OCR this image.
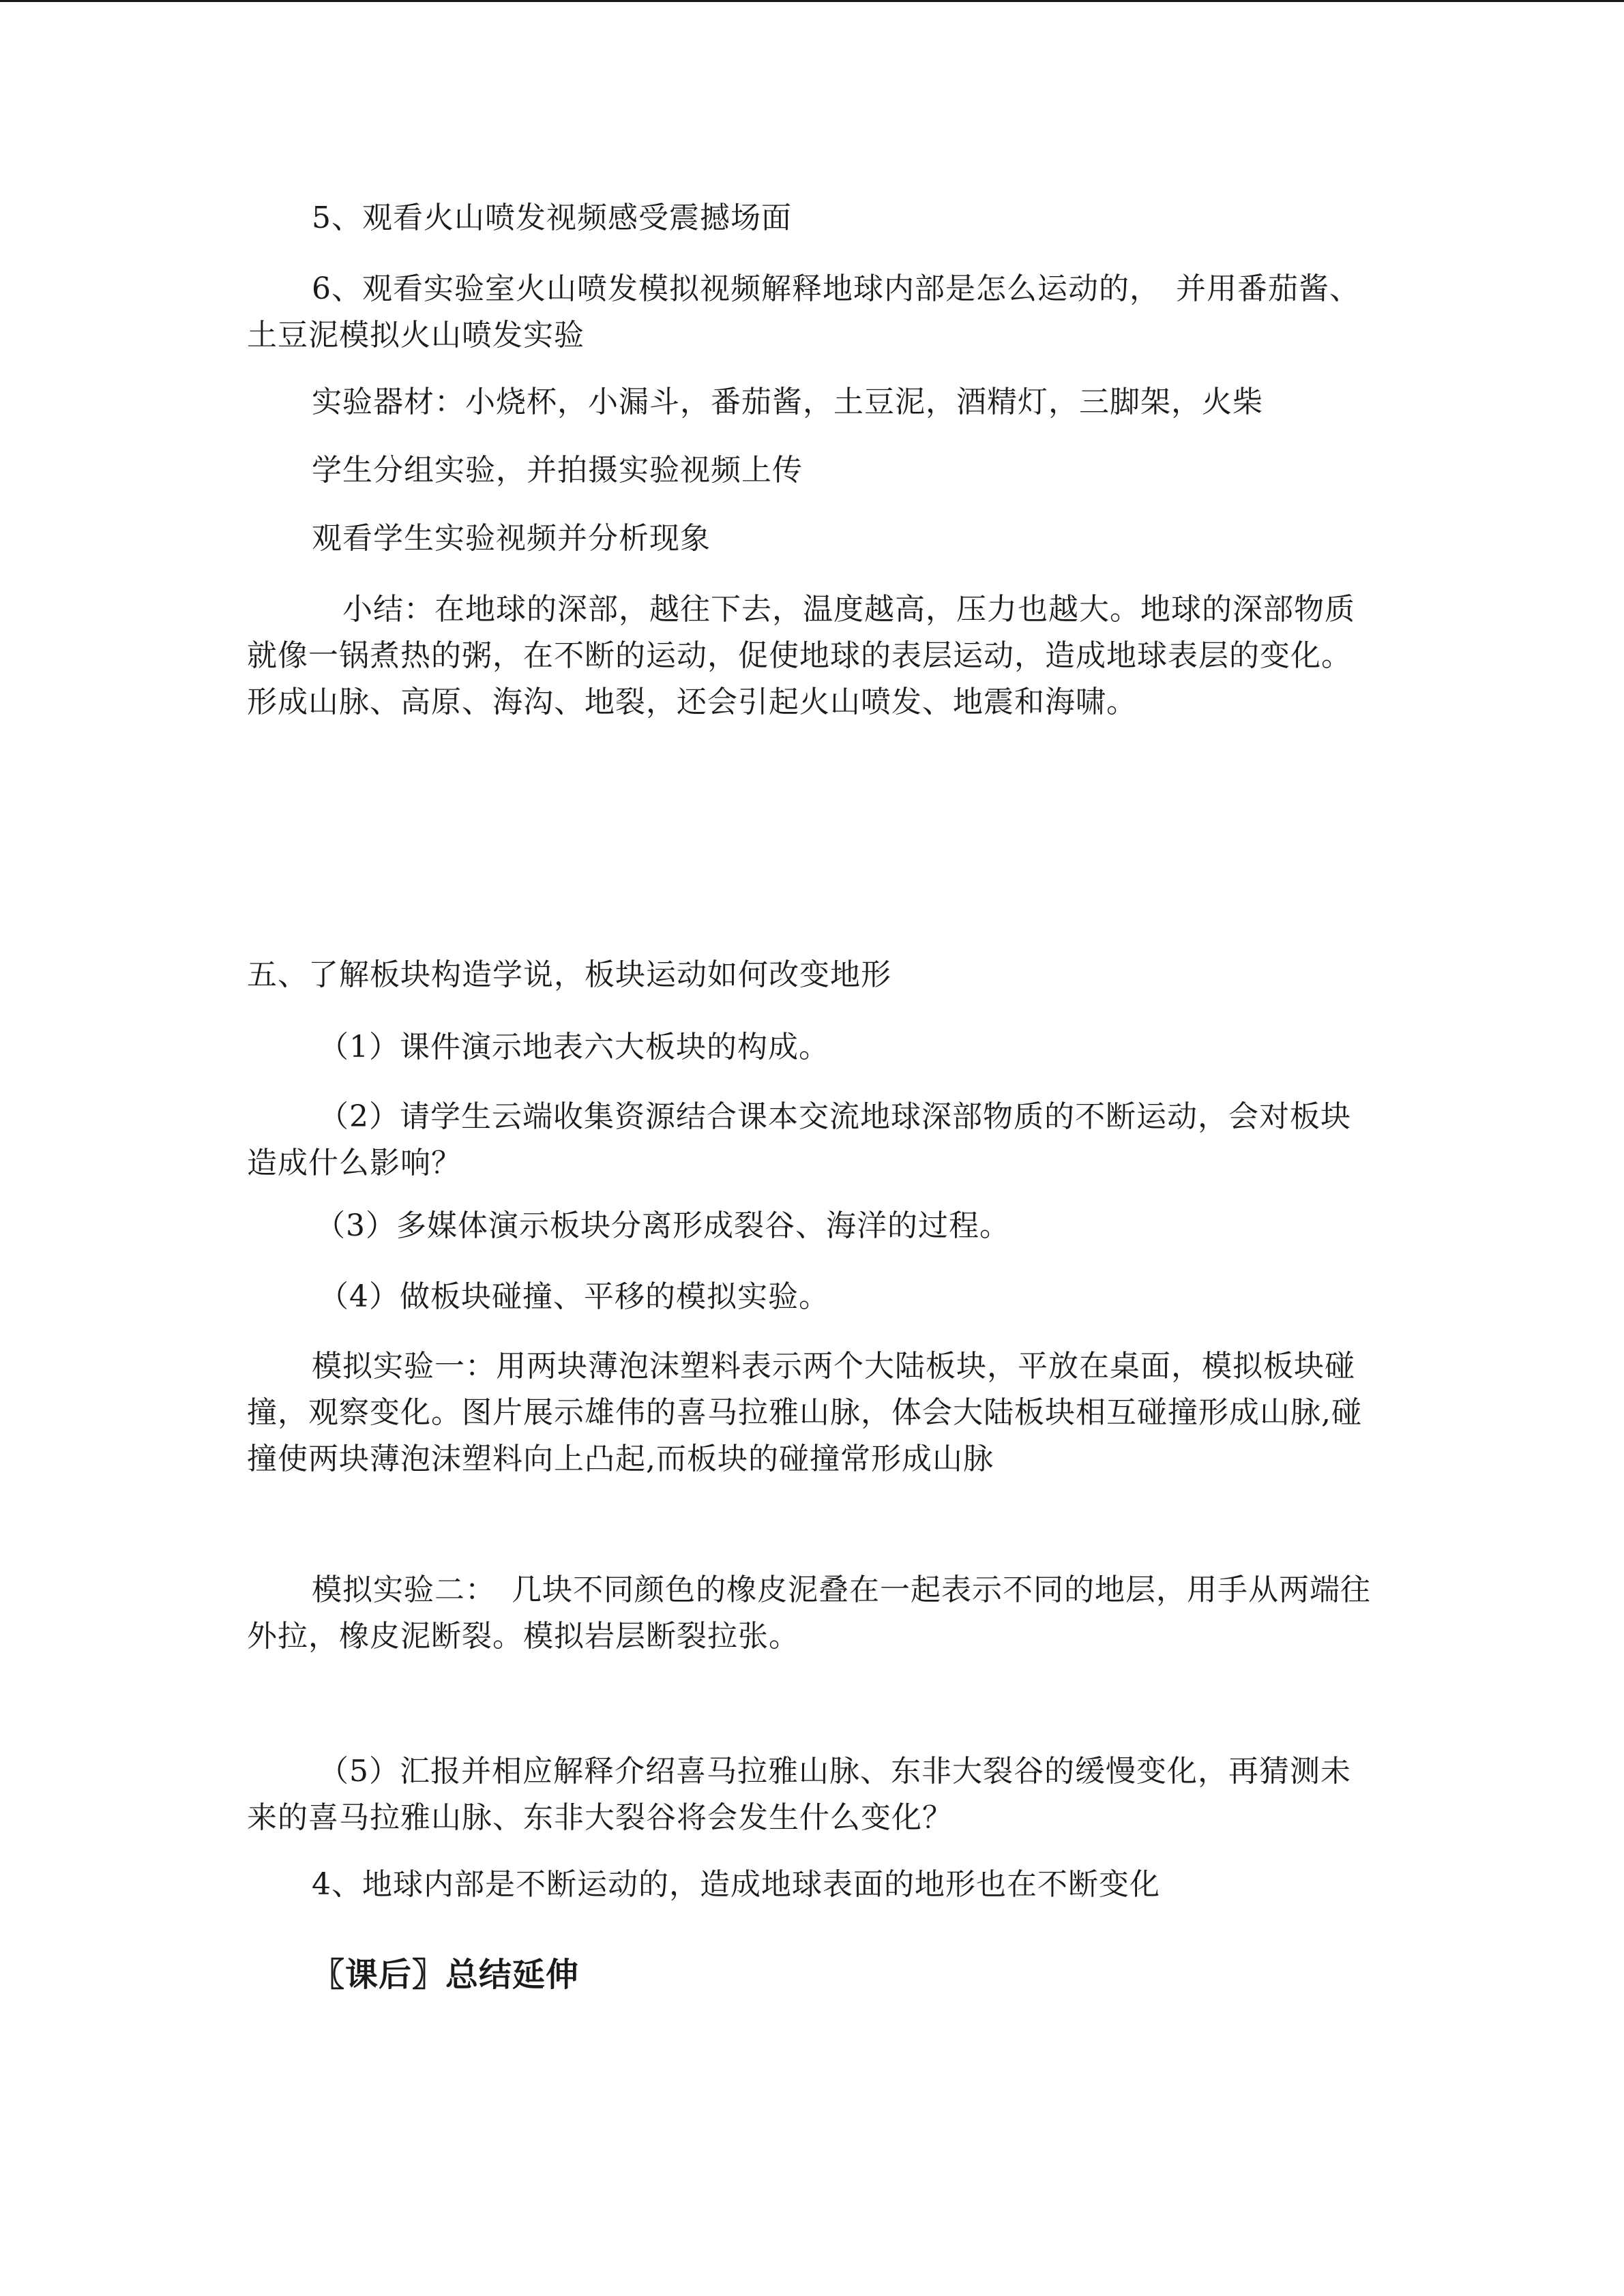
5、观看火山喷发视频感受震撼场面
6、观看实验室火山喷发模拟视频解释地球内部是怎么运动的，　并用番茄酱、土豆泥模拟火山喷发实验
实验器材：小烧杯，小漏斗，番茄酱，土豆泥，酒精灯，三脚架，火柴
学生分组实验，并拍摄实验视频上传
观看学生实验视频并分析现象
小结：在地球的深部，越往下去，温度越高，压力也越大。地球的深部物质就像一锅煮热的粥，在不断的运动，促使地球的表层运动，造成地球表层的变化。形成山脉、高原、海沟、地裂，还会引起火山喷发、地震和海啸。
五、了解板块构造学说，板块运动如何改变地形
（1）课件演示地表六大板块的构成。
（2）请学生云端收集资源结合课本交流地球深部物质的不断运动，会对板块造成什么影响？
（3）多媒体演示板块分离形成裂谷、海洋的过程。
（4）做板块碰撞、平移的模拟实验。
模拟实验一：用两块薄泡沫塑料表示两个大陆板块，平放在桌面，模拟板块碰撞，观察变化。图片展示雄伟的喜马拉雅山脉，体会大陆板块相互碰撞形成山脉,碰撞使两块薄泡沫塑料向上凸起,而板块的碰撞常形成山脉
模拟实验二：　几块不同颜色的橡皮泥叠在一起表示不同的地层，用手从两端往外拉，橡皮泥断裂。模拟岩层断裂拉张。
（5）汇报并相应解释介绍喜马拉雅山脉、东非大裂谷的缓慢变化，再猜测未来的喜马拉雅山脉、东非大裂谷将会发生什么变化？
4、地球内部是不断运动的，造成地球表面的地形也在不断变化
〖课后〗总结延伸
